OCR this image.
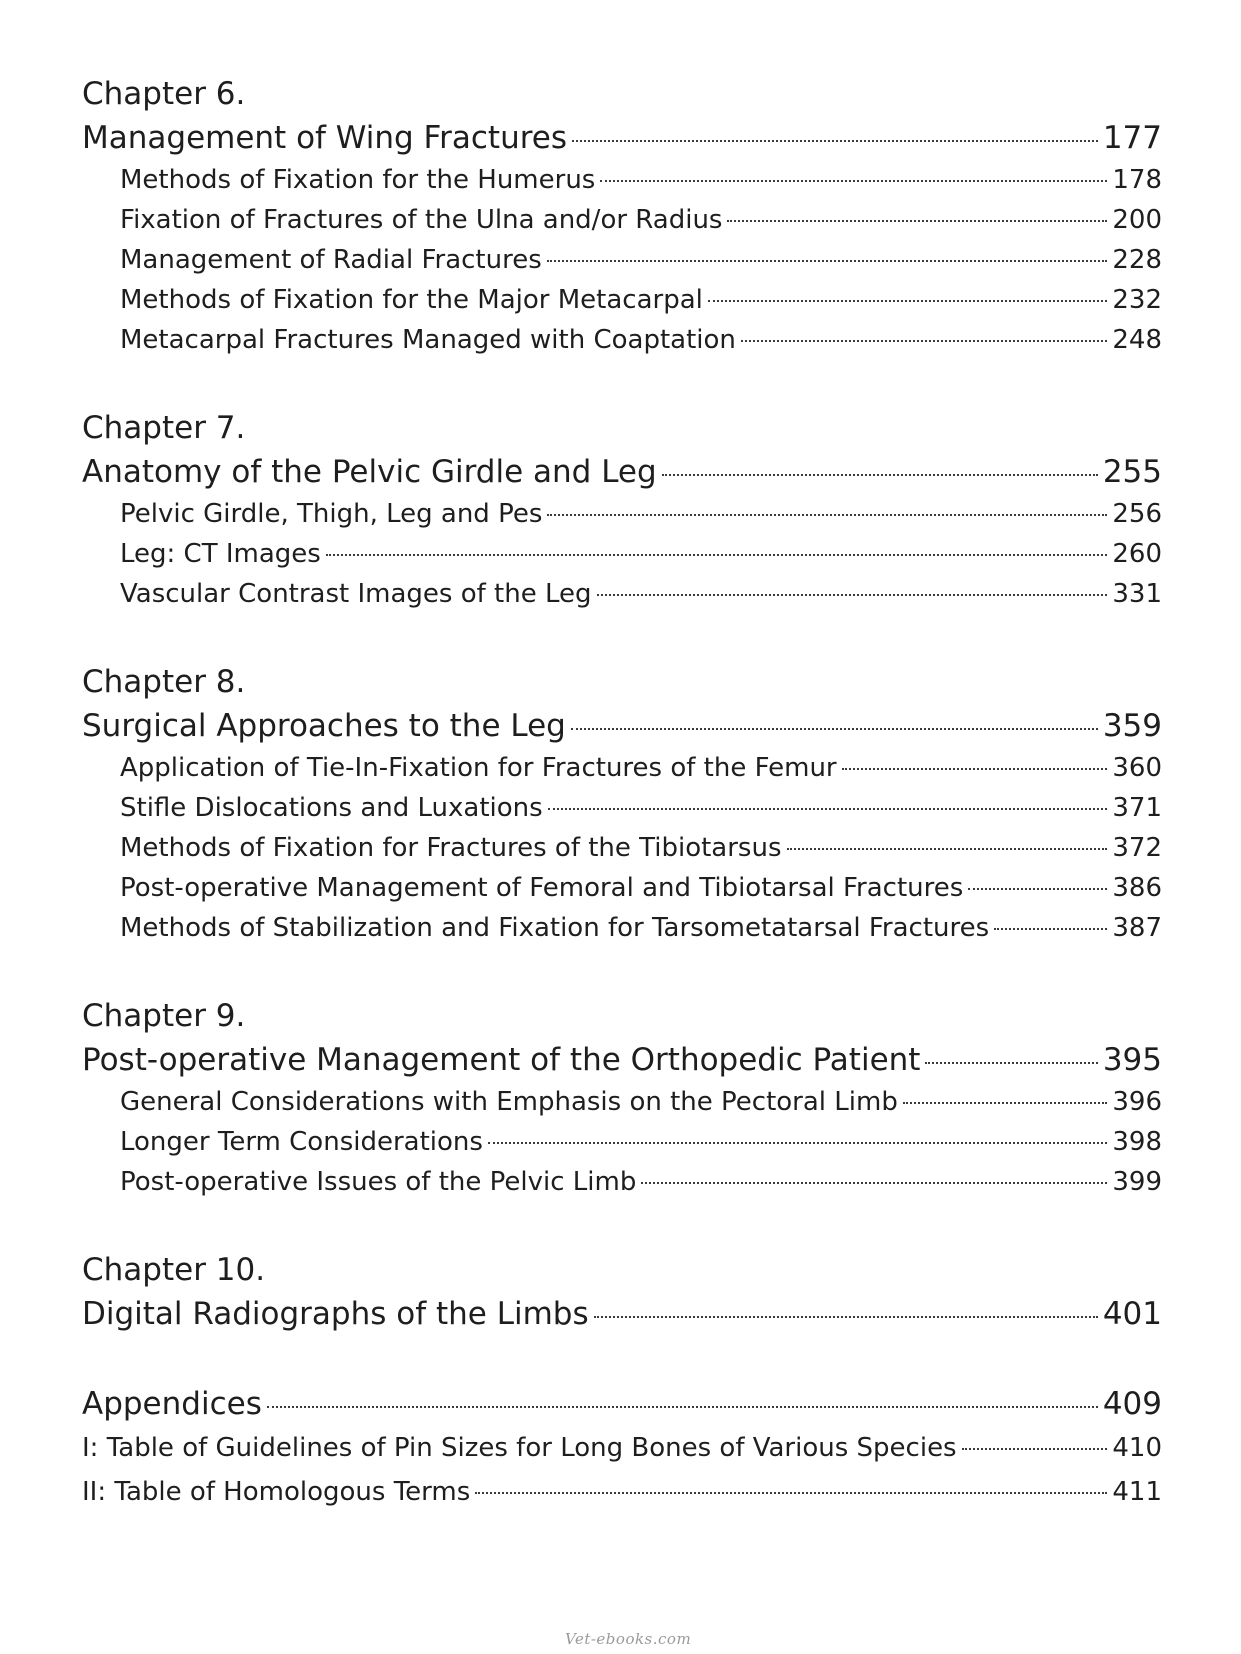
Chapter 6.
Management of Wing Fractures	177
Methods of Fixation for the Humerus	178
Fixation of Fractures of the Ulna and/or Radius	200
Management of Radial Fractures	228
Methods of Fixation for the Major Metacarpal	232
Metacarpal Fractures Managed with Coaptation	248
Chapter 7.
Anatomy of the Pelvic Girdle and Leg	255
Pelvic Girdle, Thigh, Leg and Pes	256
Leg: CT Images	260
Vascular Contrast Images of the Leg	331
Chapter 8.
Surgical Approaches to the Leg	359
Application of Tie-In-Fixation for Fractures of the Femur	360
Stifle Dislocations and Luxations	371
Methods of Fixation for Fractures of the Tibiotarsus	372
Post-operative Management of Femoral and Tibiotarsal Fractures	386
Methods of Stabilization and Fixation for Tarsometatarsal Fractures	387
Chapter 9.
Post-operative Management of the Orthopedic Patient	395
General Considerations with Emphasis on the Pectoral Limb	396
Longer Term Considerations	398
Post-operative Issues of the Pelvic Limb	399
Chapter 10.
Digital Radiographs of the Limbs	401
Appendices	409
I: Table of Guidelines of Pin Sizes for Long Bones of Various Species	410
II: Table of Homologous Terms	411
Vet-ebooks.com
